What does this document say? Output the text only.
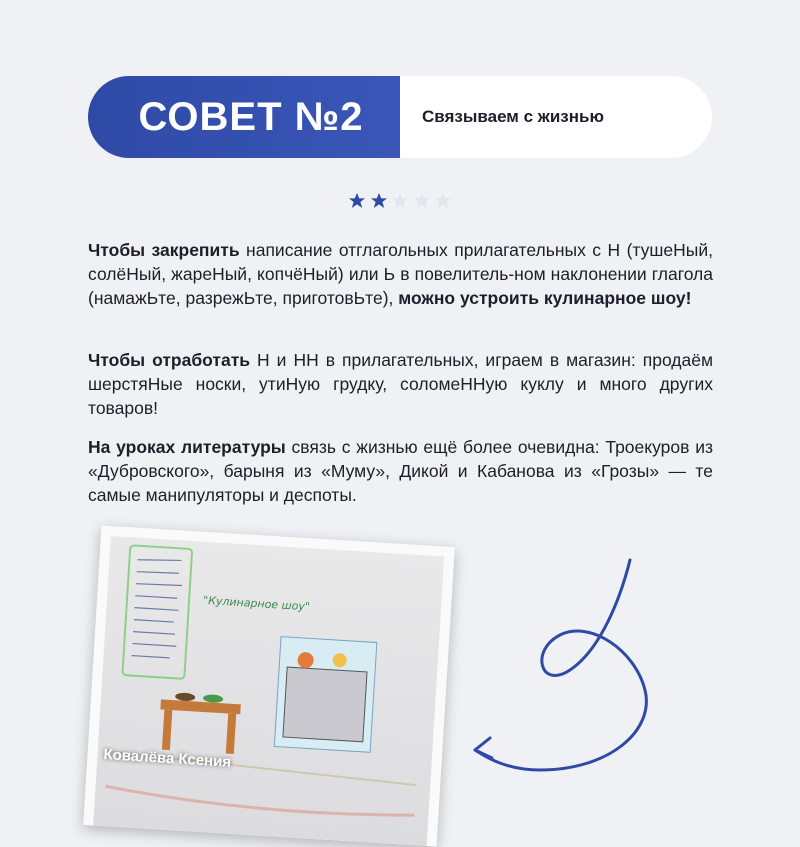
СОВЕТ №2	Связываем с жизнью
Чтобы закрепить написание отглагольных прилагательных с Н (тушеНый, солёНый, жареНый, копчёНый) или Ь в повелитель-ном наклонении глагола (намажЬте, разрежЬте, приготовЬте), можно устроить кулинарное шоу!
Чтобы отработать Н и НН в прилагательных, играем в магазин: продаём шерстяНые носки, утиНую грудку, соломеННую куклу и много других товаров!
На уроках литературы связь с жизнью ещё более очевидна: Троекуров из «Дубровского», барыня из «Муму», Дикой и Кабанова из «Грозы» — те самые манипуляторы и деспоты.
"Кулинарное шоу"
Ковалёва Ксения
